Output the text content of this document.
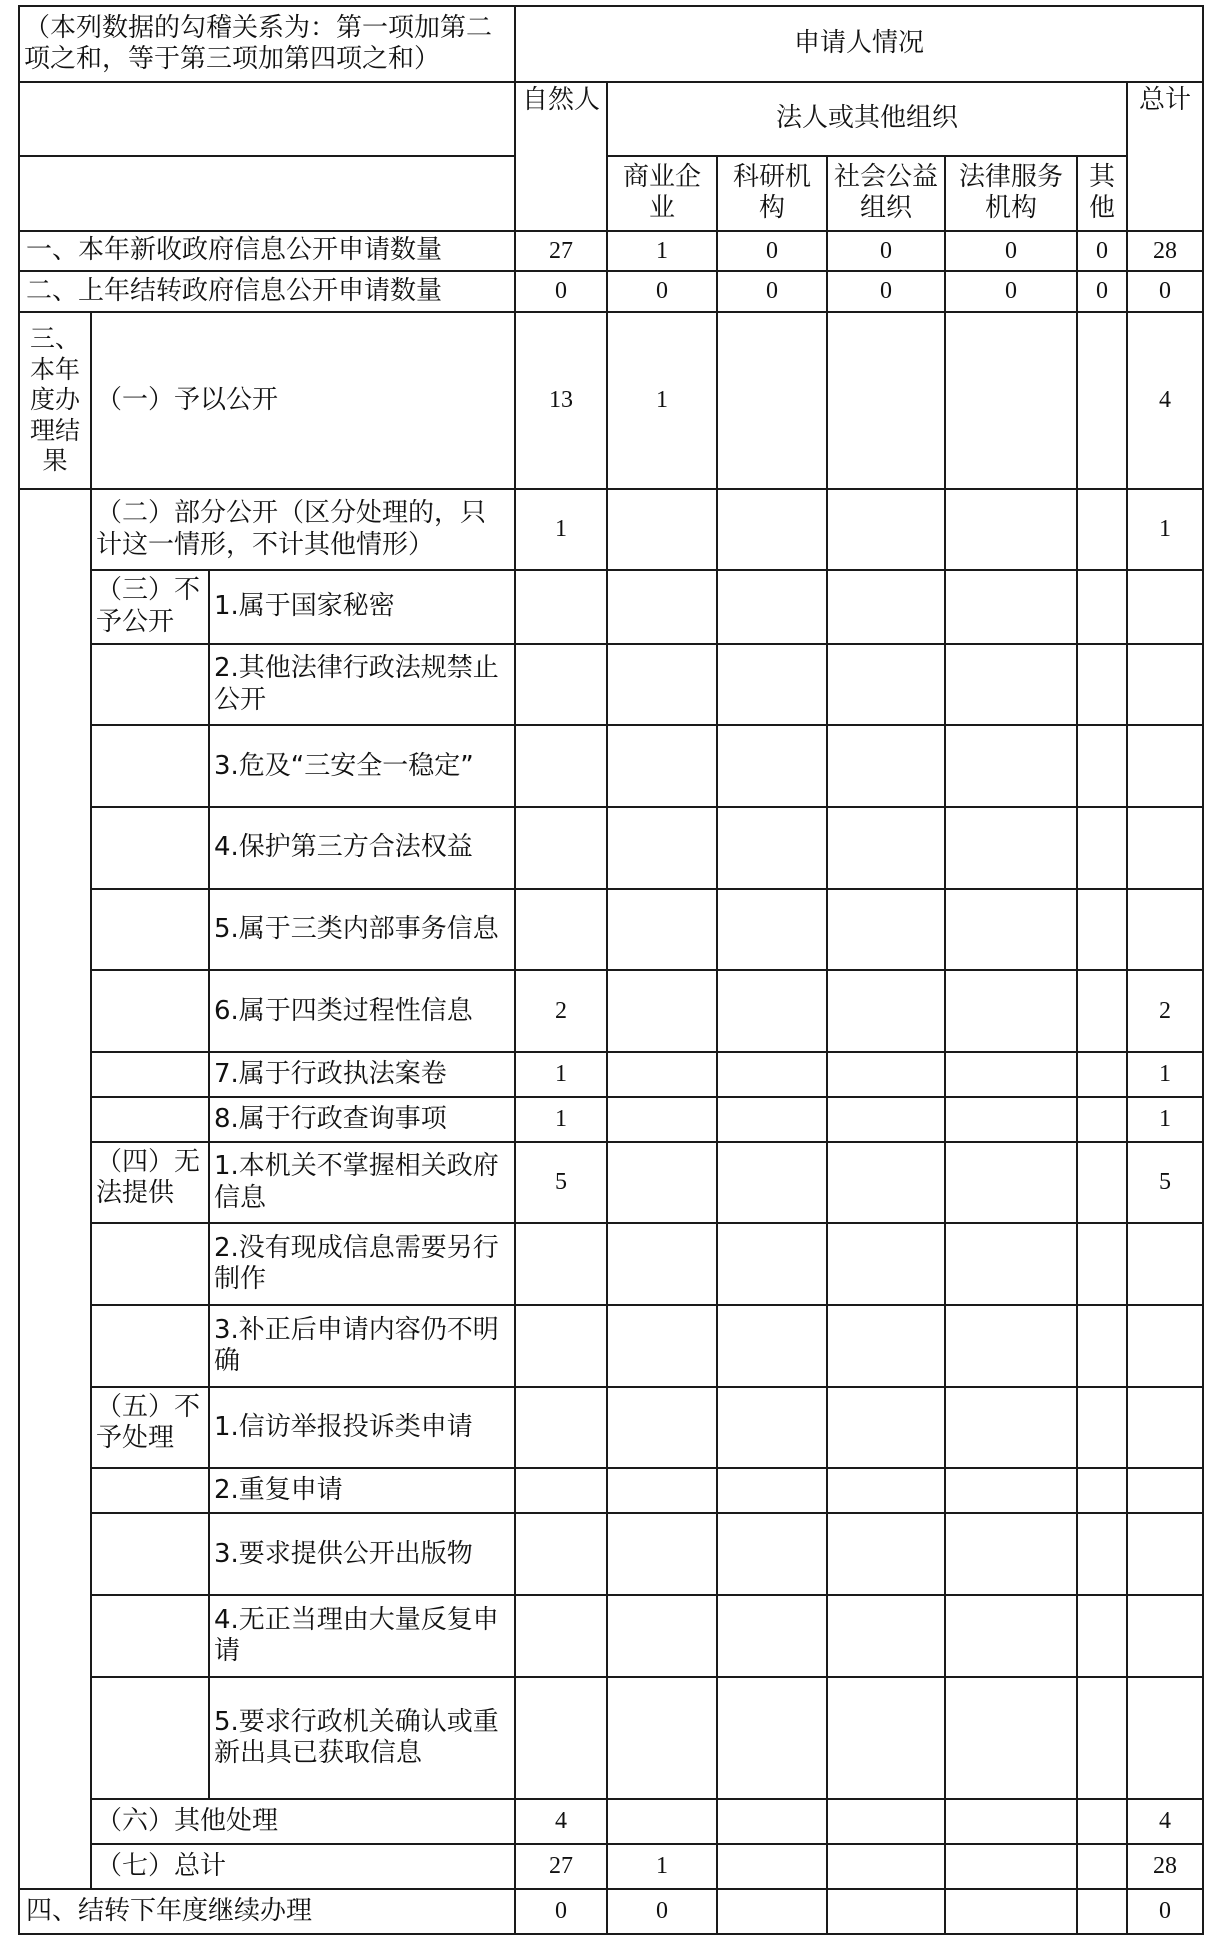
（本列数据的勾稽关系为：第一项加第二项之和，等于第三项加第四项之和）			申请人情况						
			自然人	法人或其他组织					总计
				商业企业	科研机构	社会公益组织	法律服务机构	其他	
一、本年新收政府信息公开申请数量			27	1	0	0	0	0	28
二、上年结转政府信息公开申请数量			0	0	0	0	0	0	0
三、本年度办理结果	（一）予以公开		13	1					4
	（二）部分公开（区分处理的，只计这一情形，不计其他情形）		1						1
	（三）不予公开	1.属于国家秘密							
		2.其他法律行政法规禁止公开							
		3.危及“三安全一稳定”							
		4.保护第三方合法权益							
		5.属于三类内部事务信息							
		6.属于四类过程性信息	2						2
		7.属于行政执法案卷	1						1
		8.属于行政查询事项	1						1
	（四）无法提供	1.本机关不掌握相关政府信息	5						5
		2.没有现成信息需要另行制作							
		3.补正后申请内容仍不明确							
	（五）不予处理	1.信访举报投诉类申请							
		2.重复申请							
		3.要求提供公开出版物							
		4.无正当理由大量反复申请							
		5.要求行政机关确认或重新出具已获取信息							
	（六）其他处理		4						4
	（七）总计		27	1					28
四、结转下年度继续办理			0	0					0
